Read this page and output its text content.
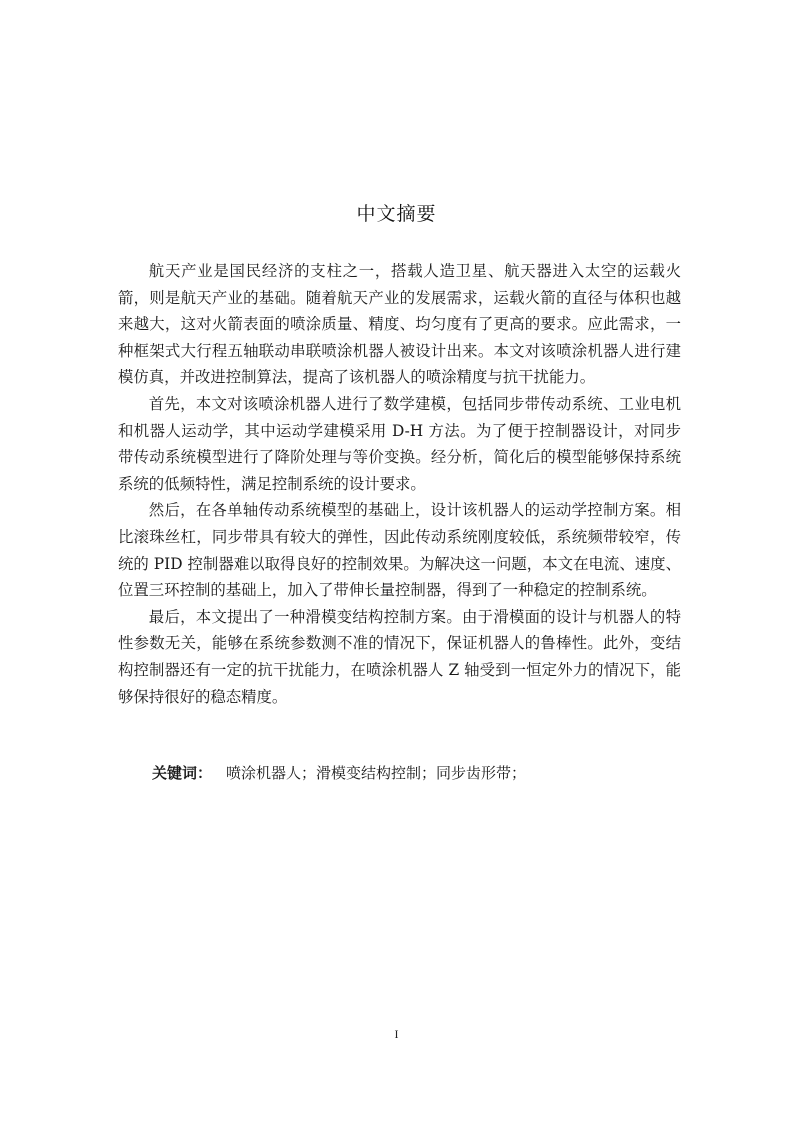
中文摘要

航天产业是国民经济的支柱之一，搭载人造卫星、航天器进入太空的运载火箭，则是航天产业的基础。随着航天产业的发展需求，运载火箭的直径与体积也越来越大，这对火箭表面的喷涂质量、精度、均匀度有了更高的要求。应此需求，一种框架式大行程五轴联动串联喷涂机器人被设计出来。本文对该喷涂机器人进行建模仿真，并改进控制算法，提高了该机器人的喷涂精度与抗干扰能力。

首先，本文对该喷涂机器人进行了数学建模，包括同步带传动系统、工业电机和机器人运动学，其中运动学建模采用 D-H 方法。为了便于控制器设计，对同步带传动系统模型进行了降阶处理与等价变换。经分析，简化后的模型能够保持系统系统的低频特性，满足控制系统的设计要求。

然后，在各单轴传动系统模型的基础上，设计该机器人的运动学控制方案。相比滚珠丝杠，同步带具有较大的弹性，因此传动系统刚度较低，系统频带较窄，传统的 PID 控制器难以取得良好的控制效果。为解决这一问题，本文在电流、速度、位置三环控制的基础上，加入了带伸长量控制器，得到了一种稳定的控制系统。

最后，本文提出了一种滑模变结构控制方案。由于滑模面的设计与机器人的特性参数无关，能够在系统参数测不准的情况下，保证机器人的鲁棒性。此外，变结构控制器还有一定的抗干扰能力，在喷涂机器人 Z 轴受到一恒定外力的情况下，能够保持很好的稳态精度。

关键词： 喷涂机器人；滑模变结构控制；同步齿形带；
I
